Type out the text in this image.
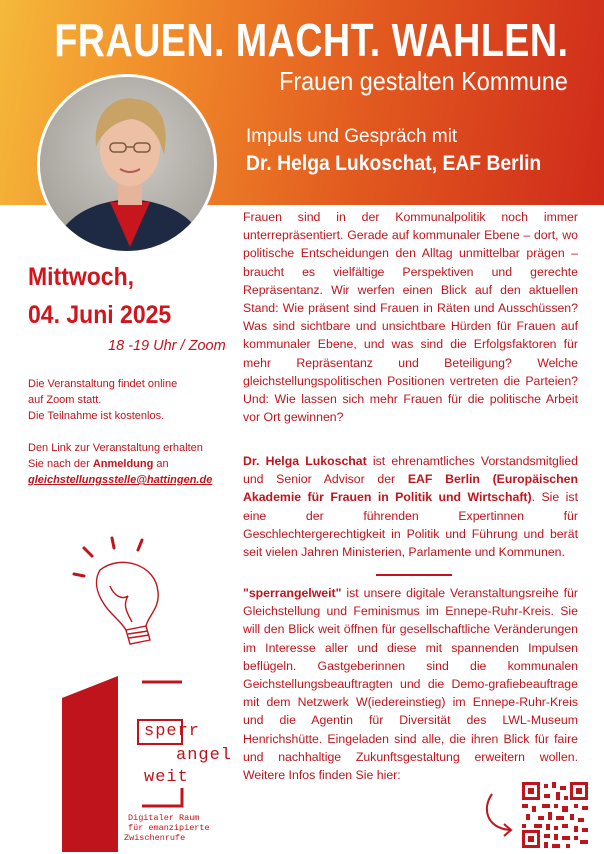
FRAUEN. MACHT. WAHLEN.
Frauen gestalten Kommune
Impuls und Gespräch mit
Dr. Helga Lukoschat, EAF Berlin
Mittwoch,
04. Juni 2025
18 -19 Uhr / Zoom
Die Veranstaltung findet online
auf Zoom statt.
Die Teilnahme ist kostenlos.
Den Link zur Veranstaltung erhalten
Sie nach der Anmeldung an
gleichstellungsstelle@hattingen.de
Frauen sind in der Kommunalpolitik noch immer unterrepräsentiert. Gerade auf kommunaler Ebene – dort, wo politische Entscheidungen den Alltag unmittelbar prägen – braucht es vielfältige Perspektiven und gerechte Repräsentanz. Wir werfen einen Blick auf den aktuellen Stand: Wie präsent sind Frauen in Räten und Ausschüssen? Was sind sichtbare und unsichtbare Hürden für Frauen auf kommunaler Ebene, und was sind die Erfolgsfaktoren für mehr Repräsentanz und Beteiligung? Welche gleichstellungspolitischen Positionen vertreten die Parteien? Und: Wie lassen sich mehr Frauen für die politische Arbeit vor Ort gewinnen?
Dr. Helga Lukoschat ist ehrenamtliches Vorstandsmitglied und Senior Advisor der EAF Berlin (Europäischen Akademie für Frauen in Politik und Wirtschaft). Sie ist eine der führenden Expertinnen für Geschlechtergerechtigkeit in Politik und Führung und berät seit vielen Jahren Ministerien, Parlamente und Kommunen.
"sperrangelweit" ist unsere digitale Veranstaltungsreihe für Gleichstellung und Feminismus im Ennepe-Ruhr-Kreis. Sie will den Blick weit öffnen für gesellschaftliche Veränderungen im Interesse aller und diese mit spannenden Impulsen beflügeln. Gastgeberinnen sind die kommunalen Geichstellungsbeauftragten und die Demo-grafiebeauftrage mit dem Netzwerk W(iedereinstieg) im Ennepe-Ruhr-Kreis und die Agentin für Diversität des LWL-Museum Henrichshütte. Eingeladen sind alle, die ihren Blick für faire und nachhaltige Zukunftsgestaltung erweitern wollen. Weitere Infos finden Sie hier:
sperr
angel
weit
Digitaler Raum
für emanzipierte
Zwischenrufe
